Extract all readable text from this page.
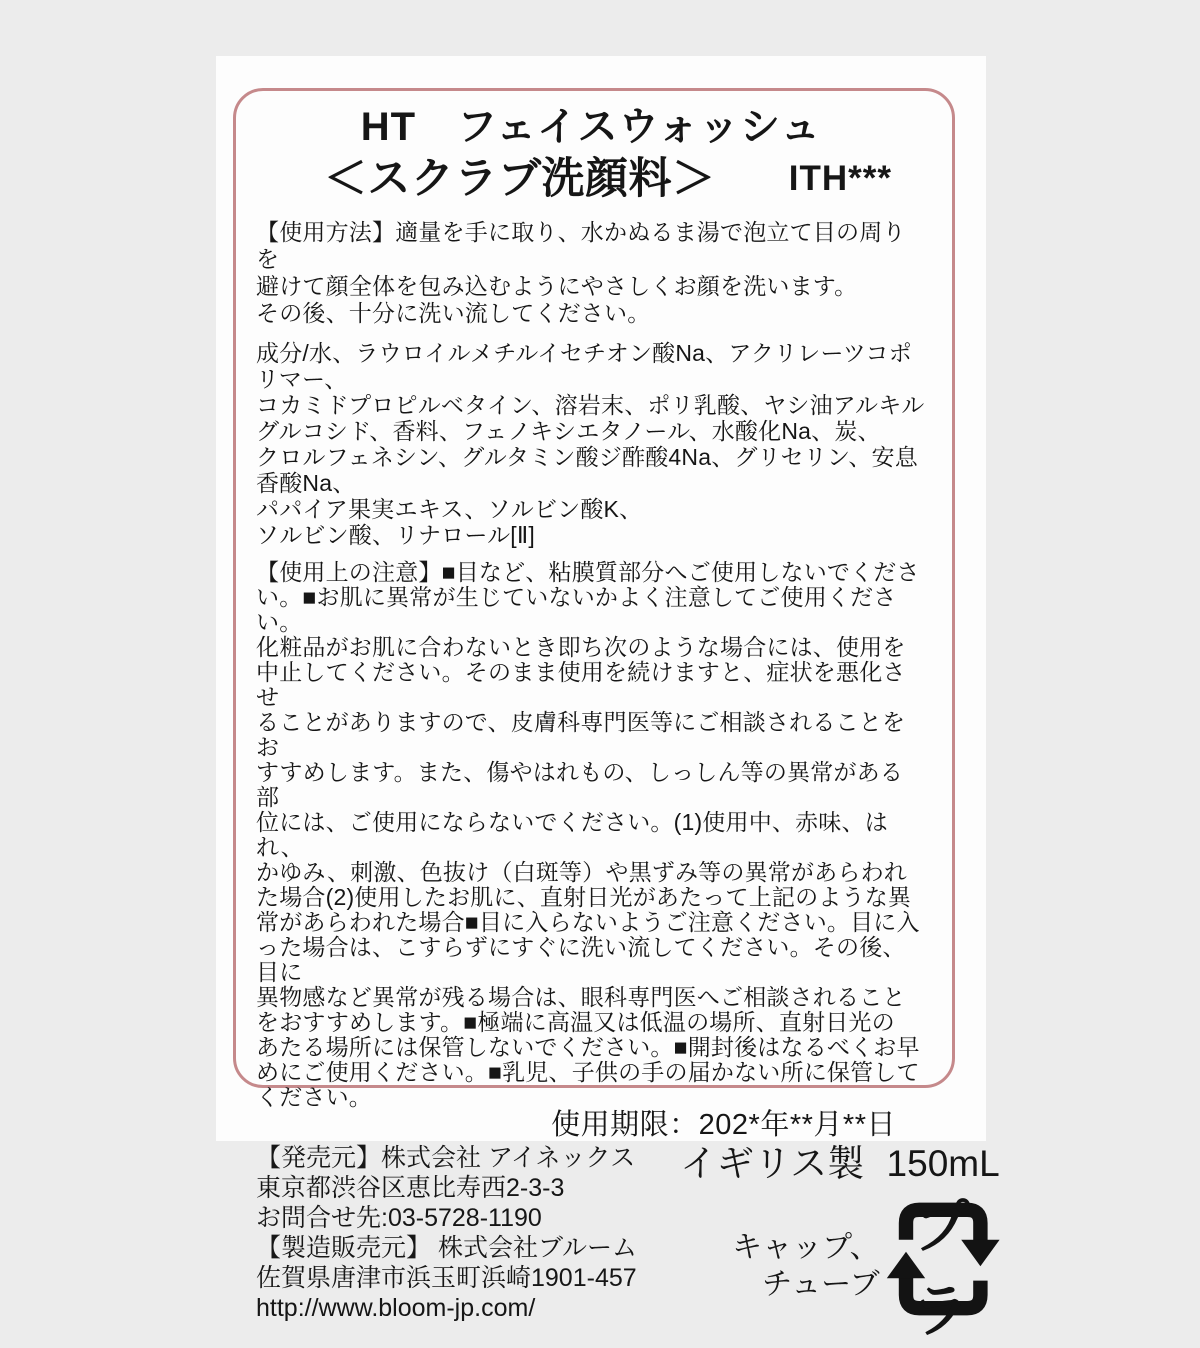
HT　フェイスウォッシュ
＜スクラブ洗顔料＞ ITH***
【使用方法】適量を手に取り、水かぬるま湯で泡立て目の周りを
避けて顔全体を包み込むようにやさしくお顔を洗います。
その後、十分に洗い流してください。
成分/水、ラウロイルメチルイセチオン酸Na、アクリレーツコポリマー、
コカミドプロピルベタイン、溶岩末、ポリ乳酸、ヤシ油アルキル
グルコシド、香料、フェノキシエタノール、水酸化Na、炭、
クロルフェネシン、グルタミン酸ジ酢酸4Na、グリセリン、安息香酸Na、
パパイア果実エキス、ソルビン酸K、
ソルビン酸、リナロール[Ⅱ]
【使用上の注意】■目など、粘膜質部分へご使用しないでくださ
い。■お肌に異常が生じていないかよく注意してご使用ください。
化粧品がお肌に合わないとき即ち次のような場合には、使用を
中止してください。そのまま使用を続けますと、症状を悪化させ
ることがありますので、皮膚科専門医等にご相談されることをお
すすめします。また、傷やはれもの、しっしん等の異常がある部
位には、ご使用にならないでください。(1)使用中、赤味、はれ、
かゆみ、刺激、色抜け（白斑等）や黒ずみ等の異常があらわれ
た場合(2)使用したお肌に、直射日光があたって上記のような異
常があらわれた場合■目に入らないようご注意ください。目に入
った場合は、こすらずにすぐに洗い流してください。その後、目に
異物感など異常が残る場合は、眼科専門医へご相談されること
をおすすめします。■極端に高温又は低温の場所、直射日光の
あたる場所には保管しないでください。■開封後はなるべくお早
めにご使用ください。■乳児、子供の手の届かない所に保管して
ください。
使用期限：202*年**月**日
【発売元】株式会社 アイネックス
東京都渋谷区恵比寿西2-3-3
お問合せ先:03-5728-1190
【製造販売元】 株式会社ブルーム
佐賀県唐津市浜玉町浜崎1901-457
http://www.bloom-jp.com/
イギリス製 150mL
キャップ、
チューブ
プラ
